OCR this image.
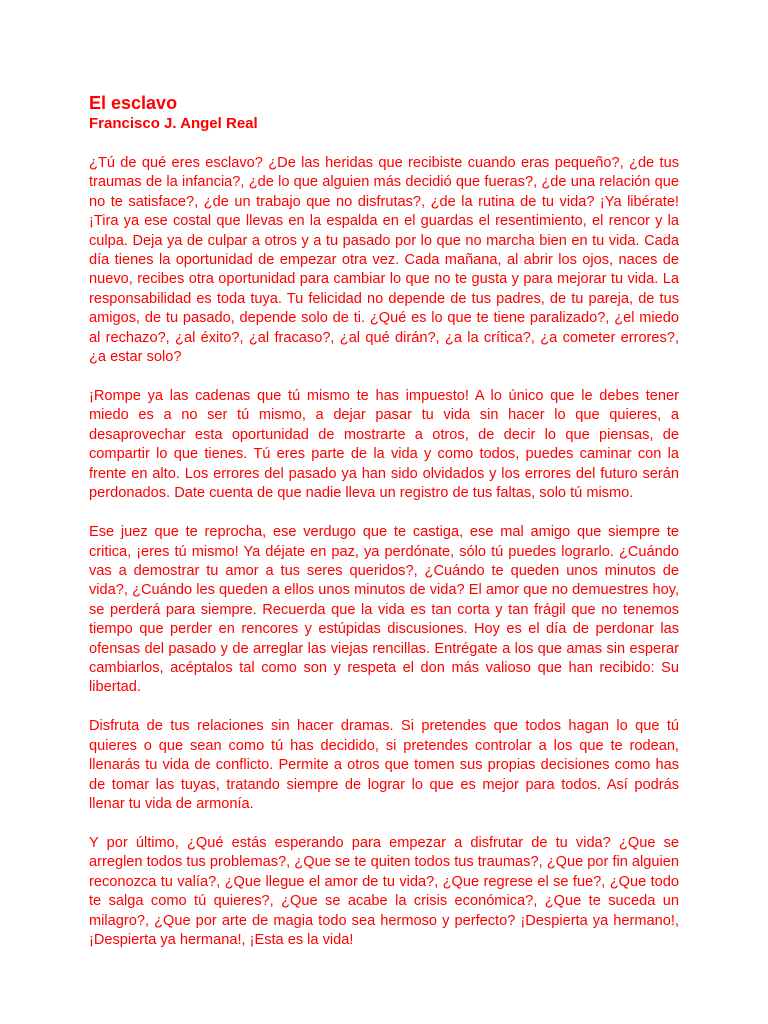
El esclavo
Francisco J. Angel Real

¿Tú de qué eres esclavo? ¿De las heridas que recibiste cuando eras pequeño?, ¿de tus traumas de la infancia?, ¿de lo que alguien más decidió que fueras?, ¿de una relación que no te satisface?, ¿de un trabajo que no disfrutas?, ¿de la rutina de tu vida? ¡Ya libérate! ¡Tira ya ese costal que llevas en la espalda en el guardas el resentimiento, el rencor y la culpa. Deja ya de culpar a otros y a tu pasado por lo que no marcha bien en tu vida. Cada día tienes la oportunidad de empezar otra vez. Cada mañana, al abrir los ojos, naces de nuevo, recibes otra oportunidad para cambiar lo que no te gusta y para mejorar tu vida. La responsabilidad es toda tuya. Tu felicidad no depende de tus padres, de tu pareja, de tus amigos, de tu pasado, depende solo de ti. ¿Qué es lo que te tiene paralizado?, ¿el miedo al rechazo?, ¿al éxito?, ¿al fracaso?, ¿al qué dirán?, ¿a la crítica?, ¿a cometer errores?, ¿a estar solo?

¡Rompe ya las cadenas que tú mismo te has impuesto! A lo único que le debes tener miedo es a no ser tú mismo, a dejar pasar tu vida sin hacer lo que quieres, a desaprovechar esta oportunidad de mostrarte a otros, de decir lo que piensas, de compartir lo que tienes. Tú eres parte de la vida y como todos, puedes caminar con la frente en alto. Los errores del pasado ya han sido olvidados y los errores del futuro serán perdonados. Date cuenta de que nadie lleva un registro de tus faltas, solo tú mismo.

Ese juez que te reprocha, ese verdugo que te castiga, ese mal amigo que siempre te critica, ¡eres tú mismo! Ya déjate en paz, ya perdónate, sólo tú puedes lograrlo. ¿Cuándo vas a demostrar tu amor a tus seres queridos?, ¿Cuándo te queden unos minutos de vida?, ¿Cuándo les queden a ellos unos minutos de vida? El amor que no demuestres hoy, se perderá para siempre. Recuerda que la vida es tan corta y tan frágil que no tenemos tiempo que perder en rencores y estúpidas discusiones. Hoy es el día de perdonar las ofensas del pasado y de arreglar las viejas rencillas. Entrégate a los que amas sin esperar cambiarlos, acéptalos tal como son y respeta el don más valioso que han recibido: Su libertad.

Disfruta de tus relaciones sin hacer dramas. Si pretendes que todos hagan lo que tú quieres o que sean como tú has decidido, si pretendes controlar a los que te rodean, llenarás tu vida de conflicto. Permite a otros que tomen sus propias decisiones como has de tomar las tuyas, tratando siempre de lograr lo que es mejor para todos. Así podrás llenar tu vida de armonía.

Y por último, ¿Qué estás esperando para empezar a disfrutar de tu vida? ¿Que se arreglen todos tus problemas?, ¿Que se te quiten todos tus traumas?, ¿Que por fin alguien reconozca tu valía?, ¿Que llegue el amor de tu vida?, ¿Que regrese el se fue?, ¿Que todo te salga como tú quieres?, ¿Que se acabe la crisis económica?, ¿Que te suceda un milagro?, ¿Que por arte de magia todo sea hermoso y perfecto? ¡Despierta ya hermano!, ¡Despierta ya hermana!, ¡Esta es la vida!
